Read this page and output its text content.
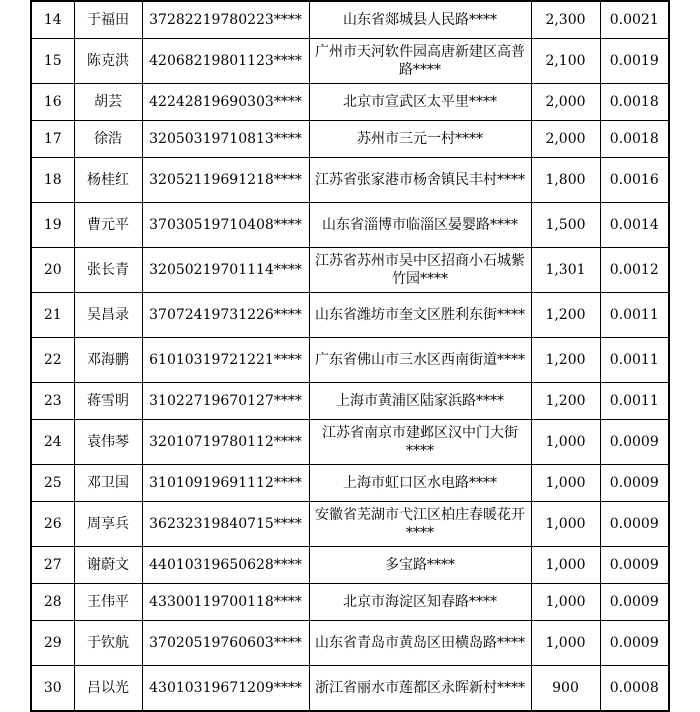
14	于福田	37282219780223****	山东省郯城县人民路****	2,300	0.0021
15	陈克洪	42068219801123****	广州市天河软件园高唐新建区高普路****	2,100	0.0019
16	胡芸	42242819690303****	北京市宣武区太平里****	2,000	0.0018
17	徐浩	32050319710813****	苏州市三元一村****	2,000	0.0018
18	杨桂红	32052119691218****	江苏省张家港市杨舍镇民丰村****	1,800	0.0016
19	曹元平	37030519710408****	山东省淄博市临淄区晏婴路****	1,500	0.0014
20	张长青	32050219701114****	江苏省苏州市吴中区招商小石城紫竹园****	1,301	0.0012
21	吴昌录	37072419731226****	山东省潍坊市奎文区胜利东街****	1,200	0.0011
22	邓海鹏	61010319721221****	广东省佛山市三水区西南街道****	1,200	0.0011
23	蒋雪明	31022719670127****	上海市黄浦区陆家浜路****	1,200	0.0011
24	袁伟琴	32010719780112****	江苏省南京市建邺区汉中门大街****	1,000	0.0009
25	邓卫国	31010919691112****	上海市虹口区水电路****	1,000	0.0009
26	周享兵	36232319840715****	安徽省芜湖市弋江区柏庄春暖花开****	1,000	0.0009
27	谢蔚文	44010319650628****	多宝路****	1,000	0.0009
28	王伟平	43300119700118****	北京市海淀区知春路****	1,000	0.0009
29	于钦航	37020519760603****	山东省青岛市黄岛区田横岛路****	1,000	0.0009
30	吕以光	43010319671209****	浙江省丽水市莲都区永晖新村****	900	0.0008
